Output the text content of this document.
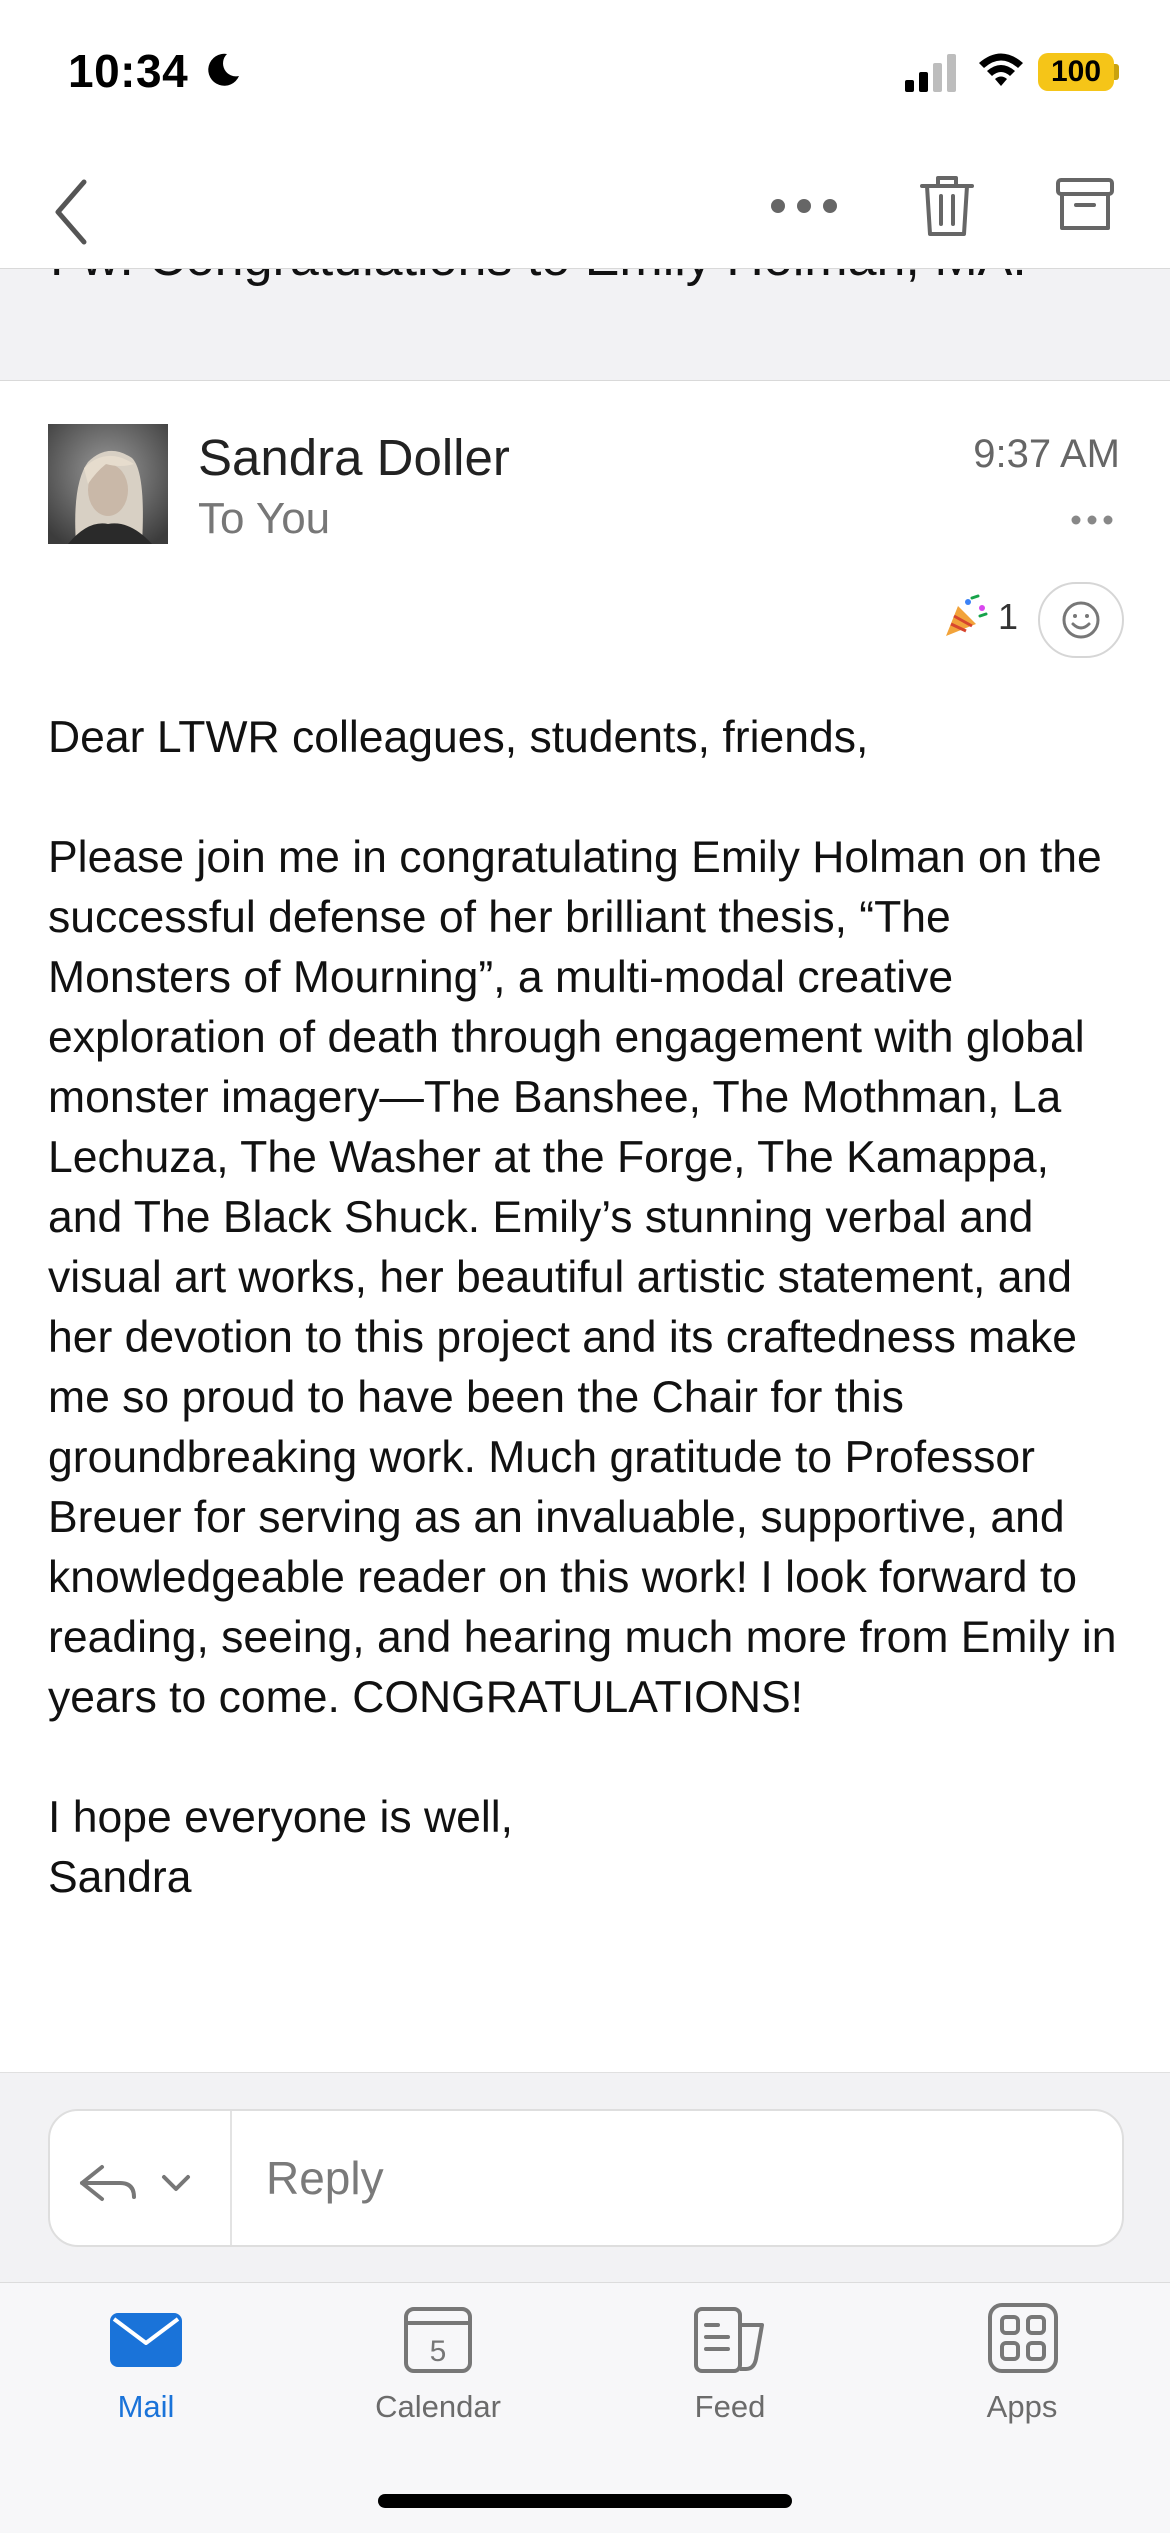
10:34	100
Sandra Doller
To You
9:37 AM
1

Dear LTWR colleagues, students, friends,

Please join me in congratulating Emily Holman on the successful defense of her brilliant thesis, “The Monsters of Mourning”, a multi-modal creative exploration of death through engagement with global monster imagery—The Banshee, The Mothman, La Lechuza, The Washer at the Forge, The Kamappa, and The Black Shuck. Emily’s stunning verbal and visual art works, her beautiful artistic statement, and her devotion to this project and its craftedness make me so proud to have been the Chair for this groundbreaking work. Much gratitude to Professor Breuer for serving as an invaluable, supportive, and knowledgeable reader on this work! I look forward to reading, seeing, and hearing much more from Emily in years to come. CONGRATULATIONS!

I hope everyone is well,

Sandra

Reply
Mail
5
Calendar	Feed	Apps
